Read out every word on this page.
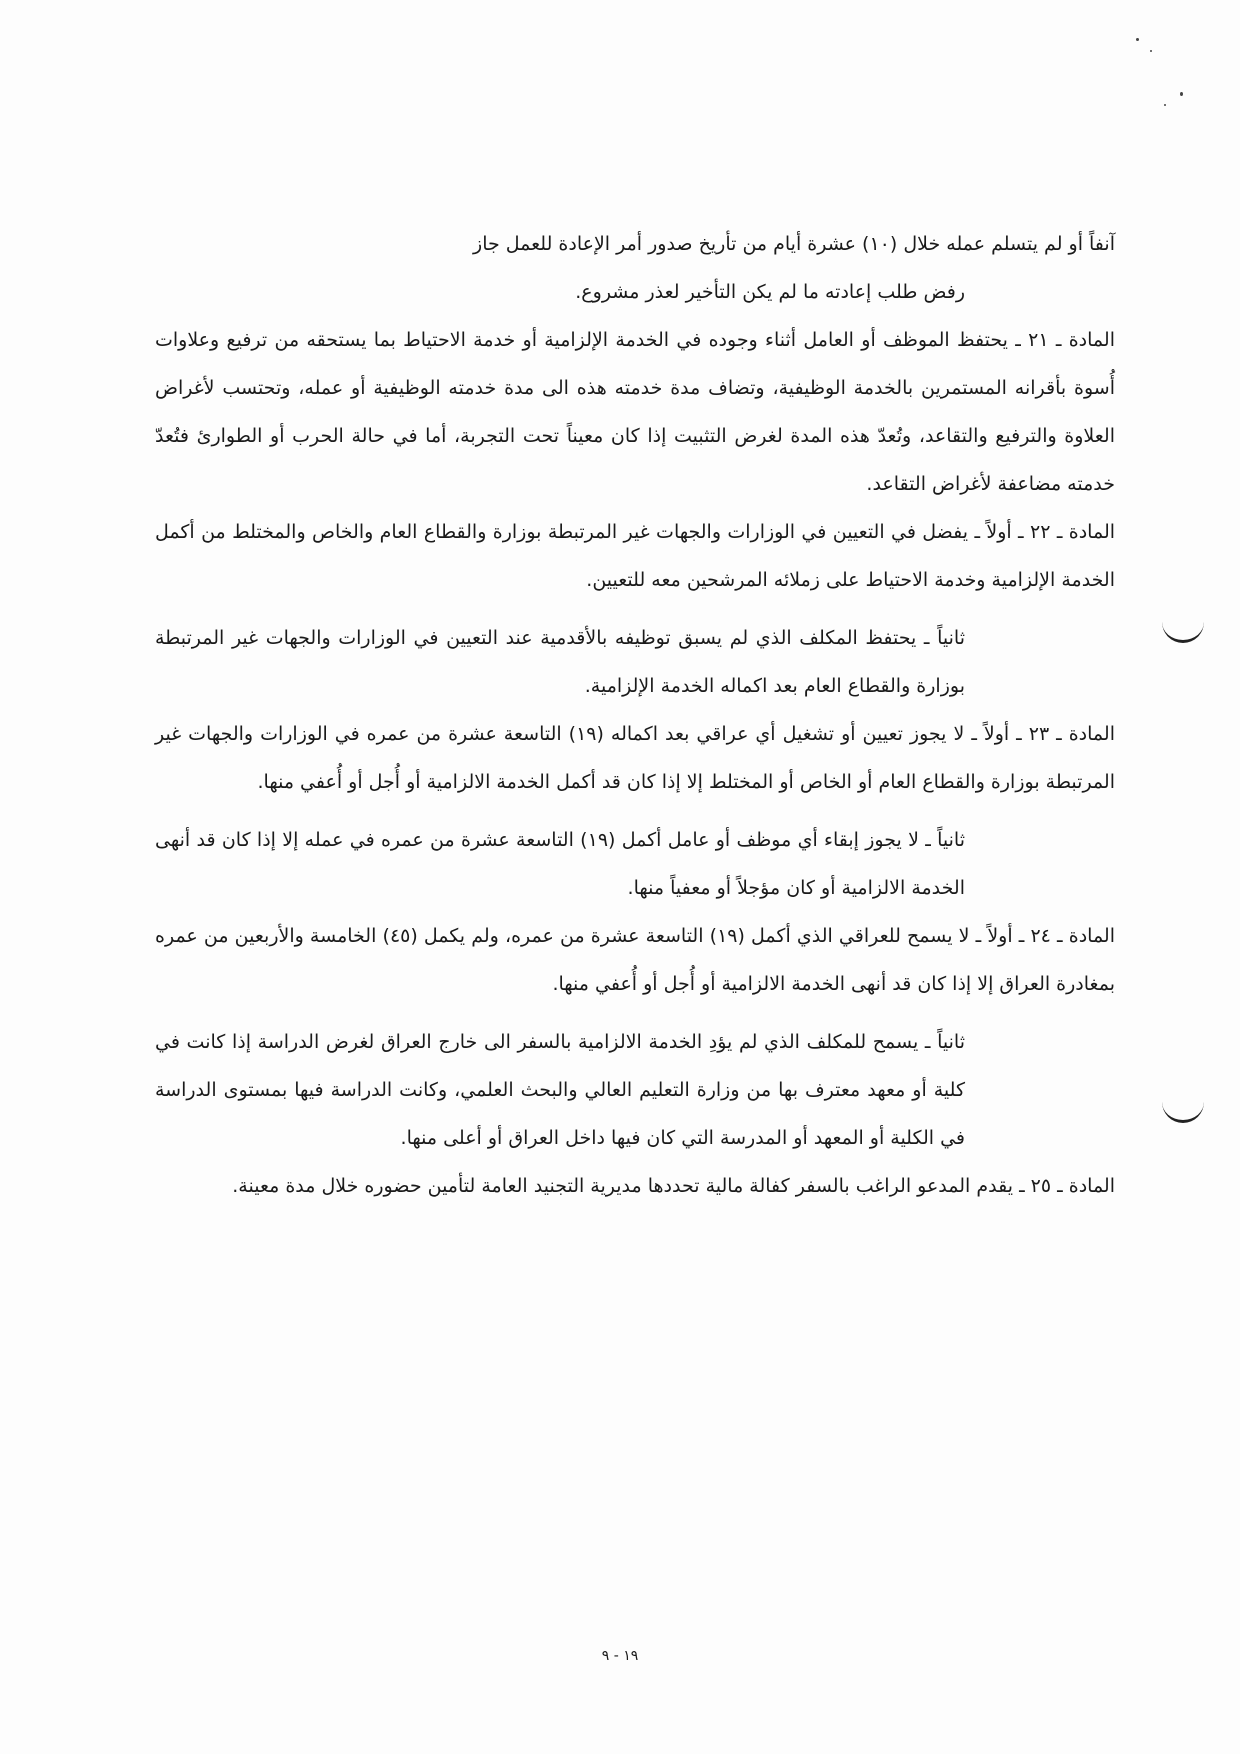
آنفاً أو لم يتسلم عمله خلال (١٠) عشرة أيام من تأريخ صدور أمر الإعادة للعمل جاز
رفض طلب إعادته ما لم يكن التأخير لعذر مشروع.

المادة ـ ٢١ ـ يحتفظ الموظف أو العامل أثناء وجوده في الخدمة الإلزامية أو خدمة الاحتياط بما يستحقه من ترفيع وعلاوات أُسوة بأقرانه المستمرين بالخدمة الوظيفية، وتضاف مدة خدمته هذه الى مدة خدمته الوظيفية أو عمله، وتحتسب لأغراض العلاوة والترفيع والتقاعد، وتُعدّ هذه المدة لغرض التثبيت إذا كان معيناً تحت التجربة، أما في حالة الحرب أو الطوارئ فتُعدّ خدمته مضاعفة لأغراض التقاعد.

المادة ـ ٢٢ ـ أولاً ـ يفضل في التعيين في الوزارات والجهات غير المرتبطة بوزارة والقطاع العام والخاص والمختلط من أكمل الخدمة الإلزامية وخدمة الاحتياط على زملائه المرشحين معه للتعيين.

ثانياً ـ يحتفظ المكلف الذي لم يسبق توظيفه بالأقدمية عند التعيين في الوزارات والجهات غير المرتبطة بوزارة والقطاع العام بعد اكماله الخدمة الإلزامية.

المادة ـ ٢٣ ـ أولاً ـ لا يجوز تعيين أو تشغيل أي عراقي بعد اكماله (١٩) التاسعة عشرة من عمره في الوزارات والجهات غير المرتبطة بوزارة والقطاع العام أو الخاص أو المختلط إلا إذا كان قد أكمل الخدمة الالزامية أو أُجل أو أُعفي منها.

ثانياً ـ لا يجوز إبقاء أي موظف أو عامل أكمل (١٩) التاسعة عشرة من عمره في عمله إلا إذا كان قد أنهى الخدمة الالزامية أو كان مؤجلاً أو معفياً منها.

المادة ـ ٢٤ ـ أولاً ـ لا يسمح للعراقي الذي أكمل (١٩) التاسعة عشرة من عمره، ولم يكمل (٤٥) الخامسة والأربعين من عمره بمغادرة العراق إلا إذا كان قد أنهى الخدمة الالزامية أو أُجل أو أُعفي منها.

ثانياً ـ يسمح للمكلف الذي لم يؤدِ الخدمة الالزامية بالسفر الى خارج العراق لغرض الدراسة إذا كانت في كلية أو معهد معترف بها من وزارة التعليم العالي والبحث العلمي، وكانت الدراسة فيها بمستوى الدراسة في الكلية أو المعهد أو المدرسة التي كان فيها داخل العراق أو أعلى منها.

المادة ـ ٢٥ ـ يقدم المدعو الراغب بالسفر كفالة مالية تحددها مديرية التجنيد العامة لتأمين حضوره خلال مدة معينة.

١٩ - ٩
